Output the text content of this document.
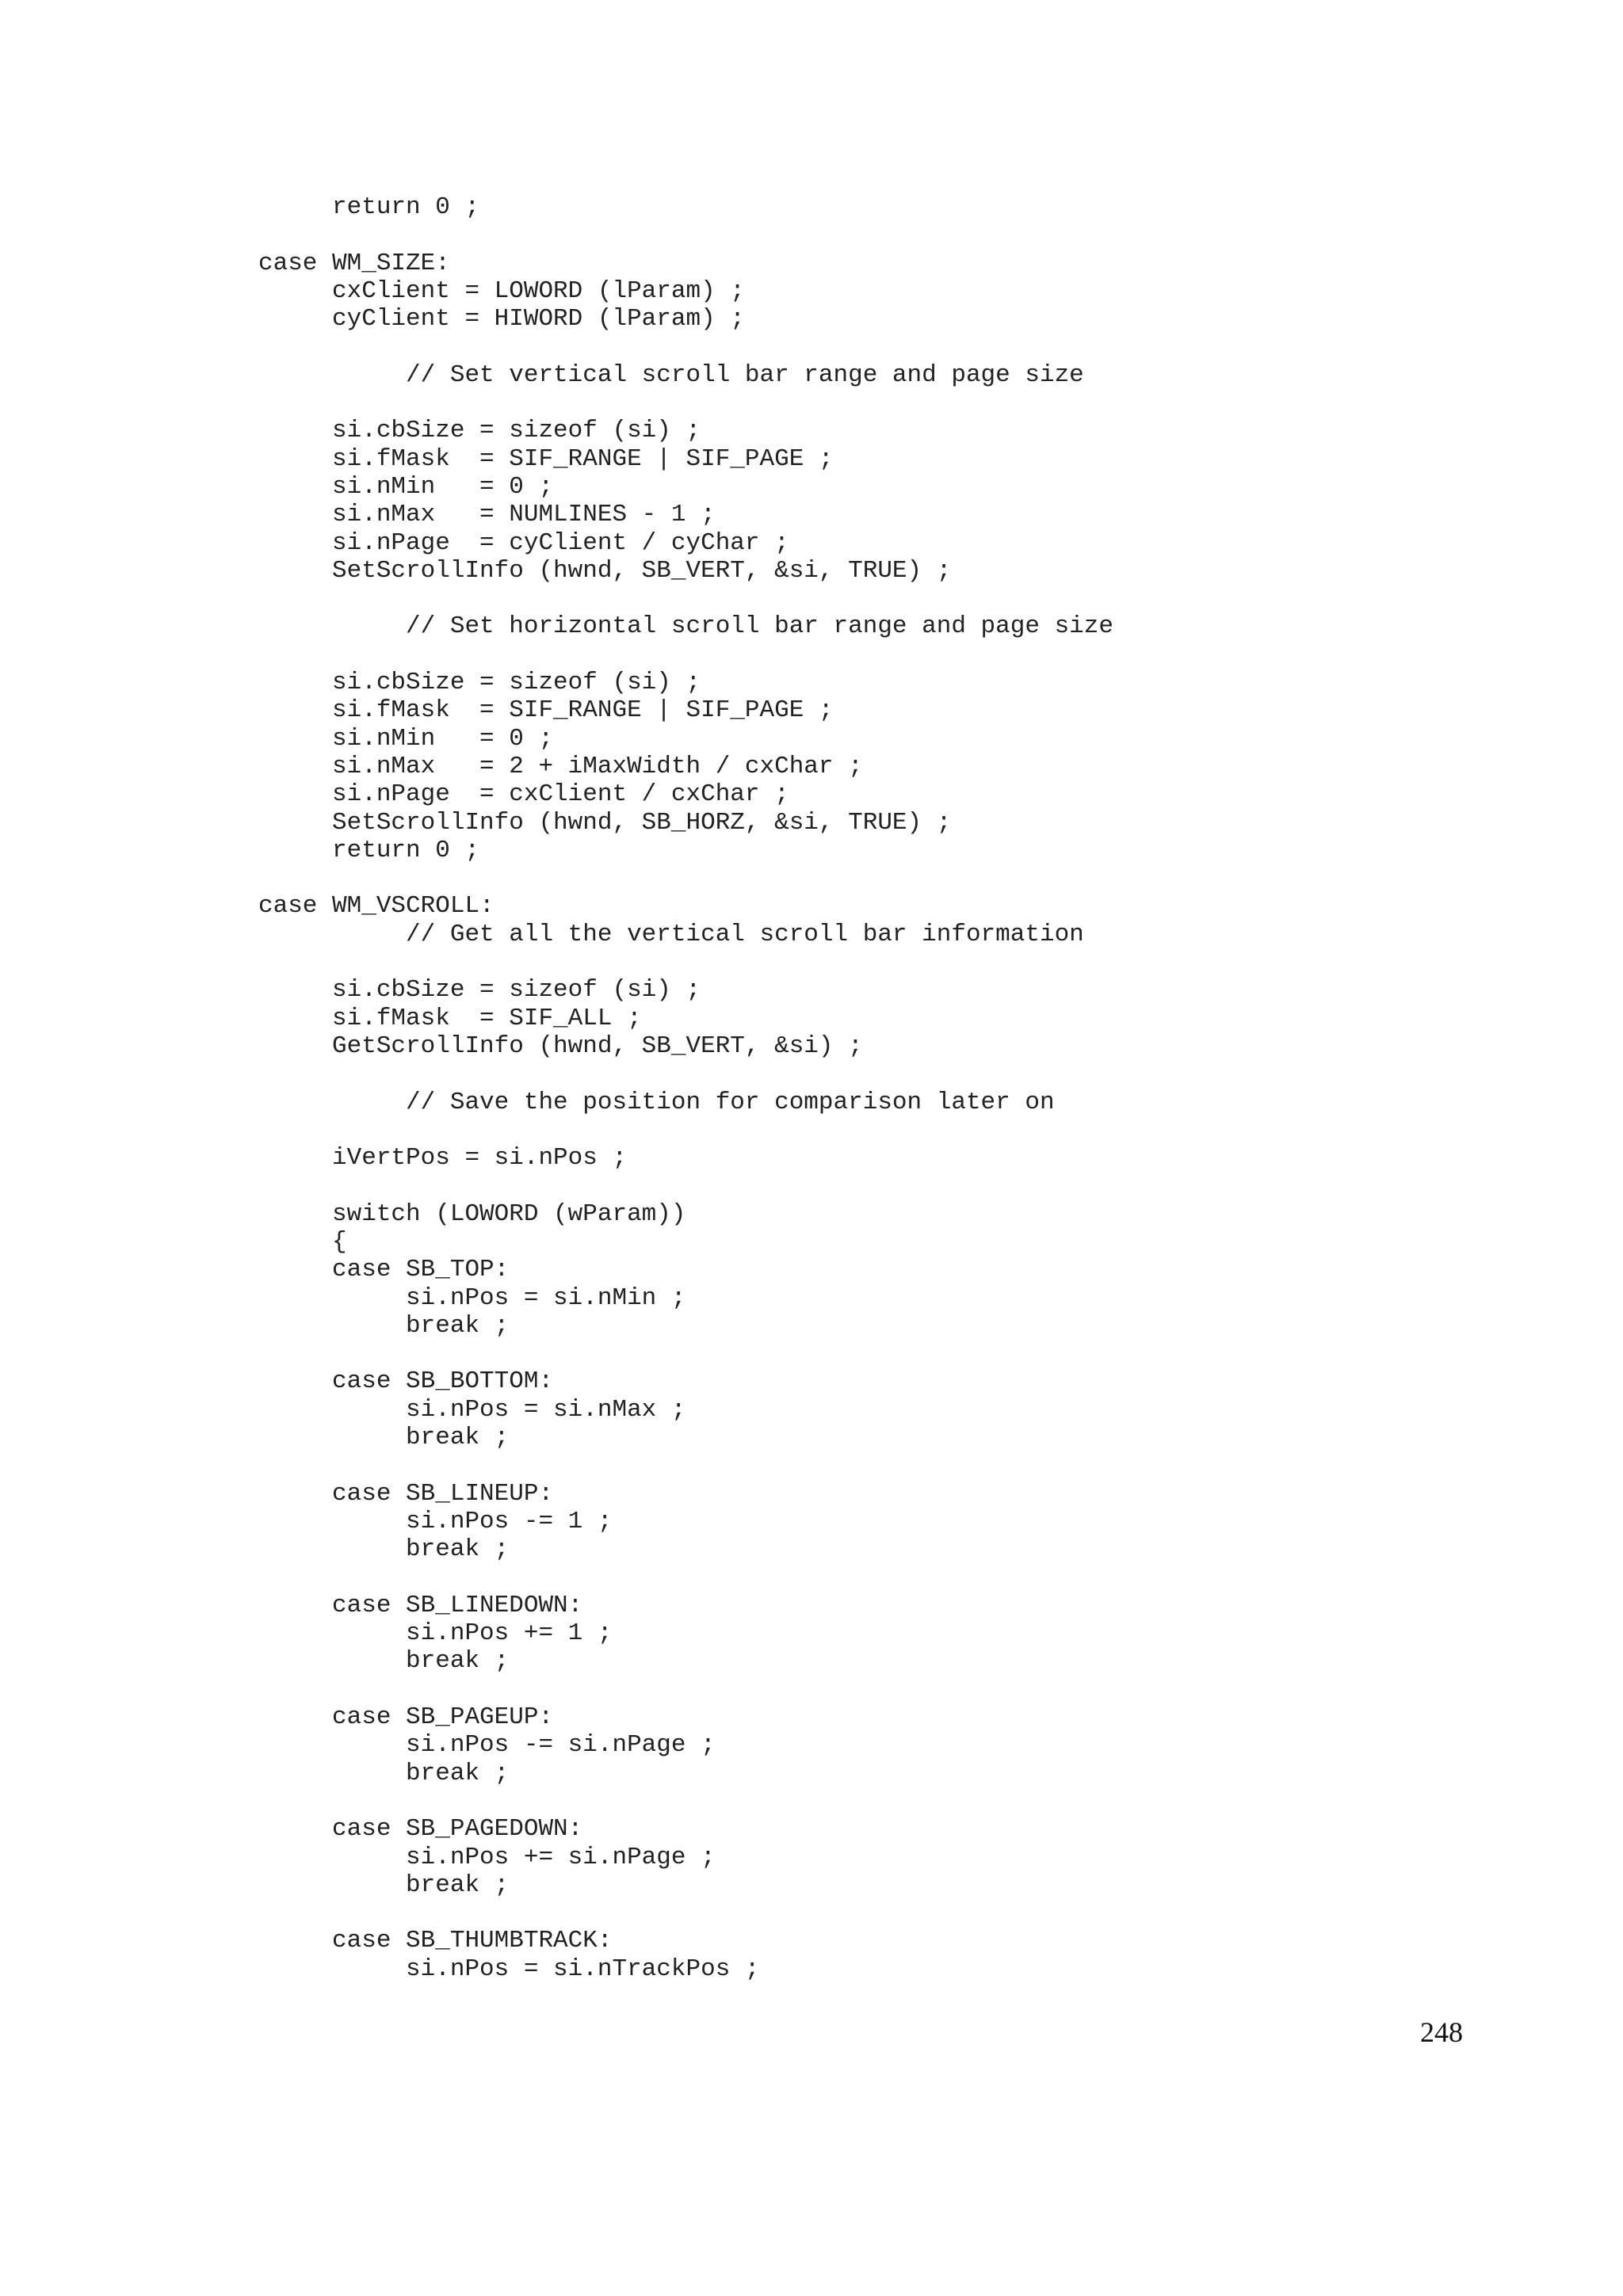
return 0 ;
case WM_SIZE:
cxClient = LOWORD (lParam) ;
cyClient = HIWORD (lParam) ;
// Set vertical scroll bar range and page size
si.cbSize = sizeof (si) ;
si.fMask  = SIF_RANGE | SIF_PAGE ;
si.nMin   = 0 ;
si.nMax   = NUMLINES - 1 ;
si.nPage  = cyClient / cyChar ;
SetScrollInfo (hwnd, SB_VERT, &si, TRUE) ;
// Set horizontal scroll bar range and page size
si.cbSize = sizeof (si) ;
si.fMask  = SIF_RANGE | SIF_PAGE ;
si.nMin   = 0 ;
si.nMax   = 2 + iMaxWidth / cxChar ;
si.nPage  = cxClient / cxChar ;
SetScrollInfo (hwnd, SB_HORZ, &si, TRUE) ;
return 0 ;
case WM_VSCROLL:
// Get all the vertical scroll bar information
si.cbSize = sizeof (si) ;
si.fMask  = SIF_ALL ;
GetScrollInfo (hwnd, SB_VERT, &si) ;
// Save the position for comparison later on
iVertPos = si.nPos ;
switch (LOWORD (wParam))
{
case SB_TOP:
si.nPos = si.nMin ;
break ;
case SB_BOTTOM:
si.nPos = si.nMax ;
break ;
case SB_LINEUP:
si.nPos -= 1 ;
break ;
case SB_LINEDOWN:
si.nPos += 1 ;
break ;
case SB_PAGEUP:
si.nPos -= si.nPage ;
break ;
case SB_PAGEDOWN:
si.nPos += si.nPage ;
break ;
case SB_THUMBTRACK:
si.nPos = si.nTrackPos ;
248
